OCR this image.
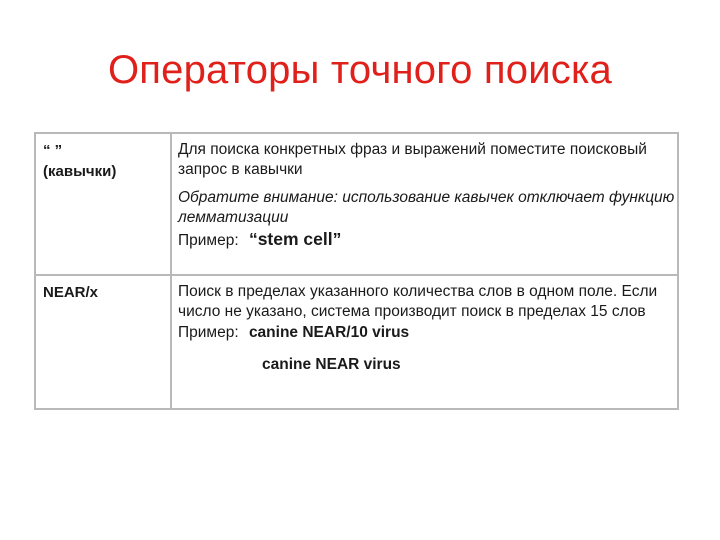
Операторы точного поиска

“ ”

(кавычки)

Для поиска конкретных фраз и выражений поместите поисковый запрос в кавычки

Обратите внимание: использование кавычек отключает функцию лемматизации

Пример: “stem cell”

NEAR/x	Поиск в пределах указанного количества слов в одном поле. Если число не указано, система производит поиск в пределах 15 слов

Пример: canine NEAR/10 virus

canine NEAR virus
